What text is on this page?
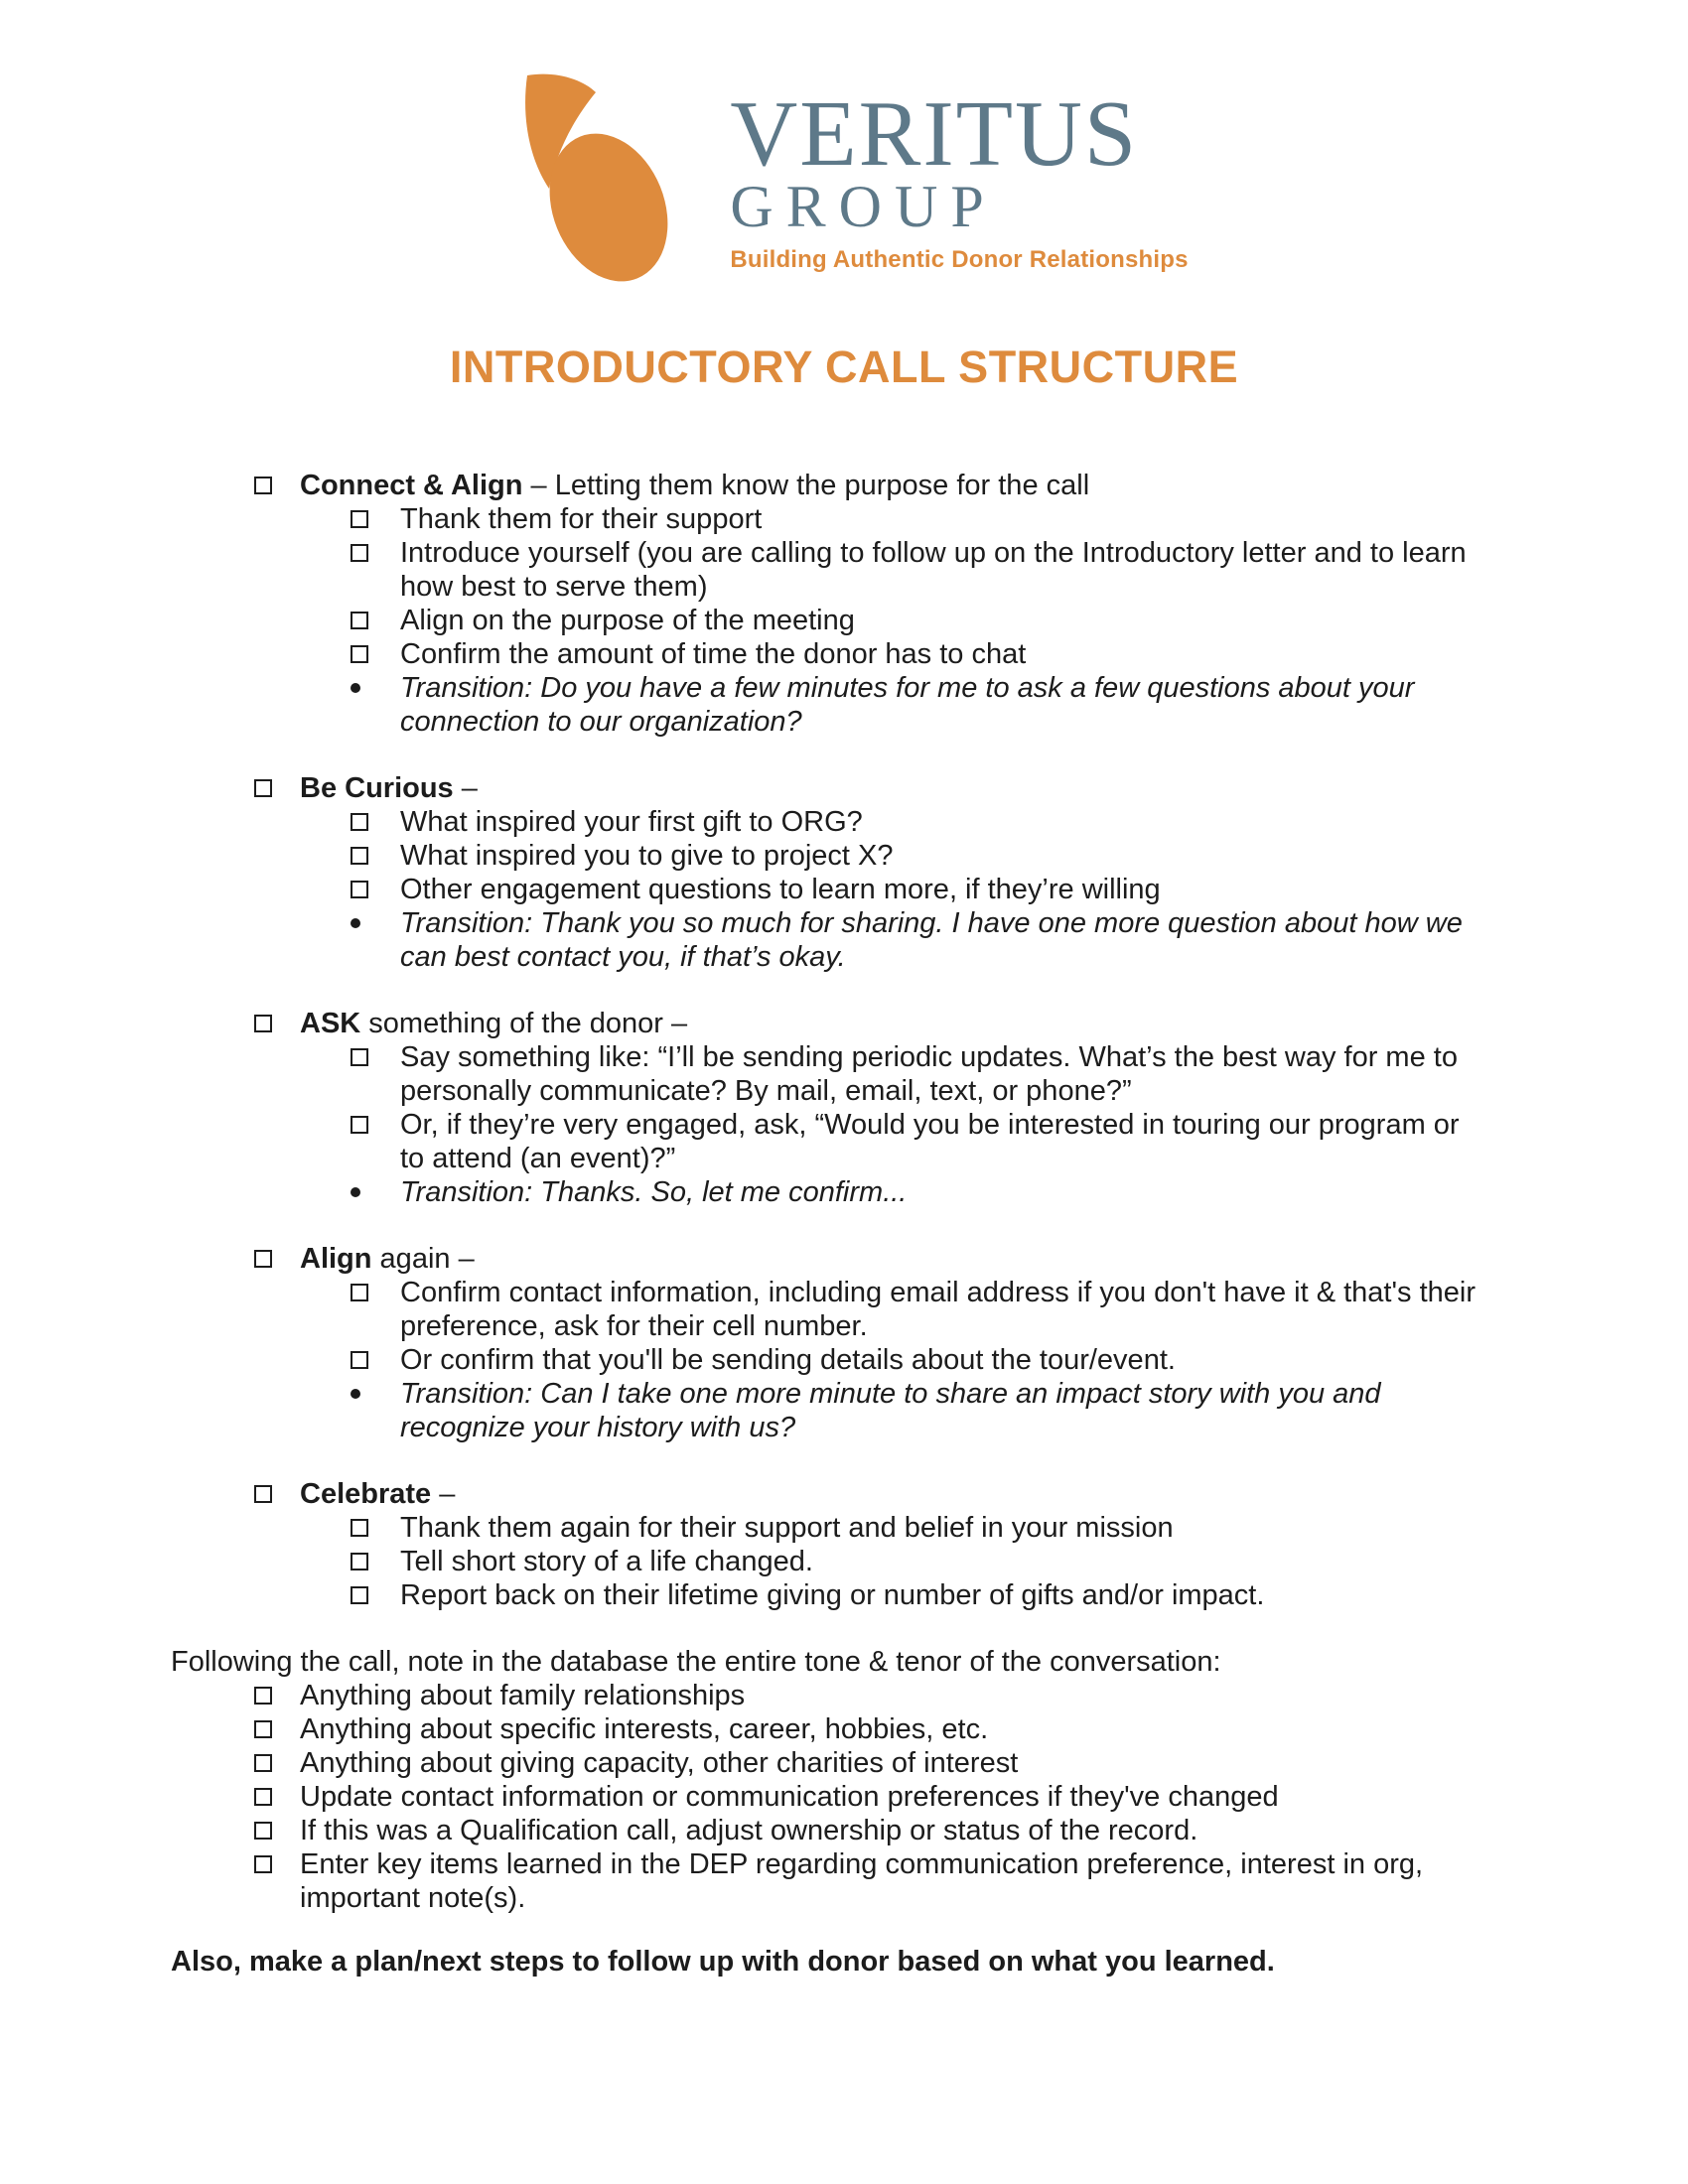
VERITUS
GROUP
Building Authentic Donor Relationships
INTRODUCTORY CALL STRUCTURE

Connect & Align – Letting them know the purpose for the call

Thank them for their support

Introduce yourself (you are calling to follow up on the Introductory letter and to learn how best to serve them)

Align on the purpose of the meeting

Confirm the amount of time the donor has to chat

Transition: Do you have a few minutes for me to ask a few questions about your connection to our organization?

Be Curious –

What inspired your first gift to ORG?

What inspired you to give to project X?

Other engagement questions to learn more, if they’re willing

Transition: Thank you so much for sharing. I have one more question about how we can best contact you, if that’s okay.

ASK something of the donor –

Say something like: “I’ll be sending periodic updates. What’s the best way for me to personally communicate? By mail, email, text, or phone?”

Or, if they’re very engaged, ask, “Would you be interested in touring our program or to attend (an event)?”

Transition: Thanks. So, let me confirm...

Align again –

Confirm contact information, including email address if you don't have it & that's their preference, ask for their cell number.

Or confirm that you'll be sending details about the tour/event.

Transition: Can I take one more minute to share an impact story with you and recognize your history with us?

Celebrate –

Thank them again for their support and belief in your mission

Tell short story of a life changed.

Report back on their lifetime giving or number of gifts and/or impact.

Following the call, note in the database the entire tone & tenor of the conversation:

Anything about family relationships

Anything about specific interests, career, hobbies, etc.

Anything about giving capacity, other charities of interest

Update contact information or communication preferences if they've changed

If this was a Qualification call, adjust ownership or status of the record.

Enter key items learned in the DEP regarding communication preference, interest in org, important note(s).

Also, make a plan/next steps to follow up with donor based on what you learned.
